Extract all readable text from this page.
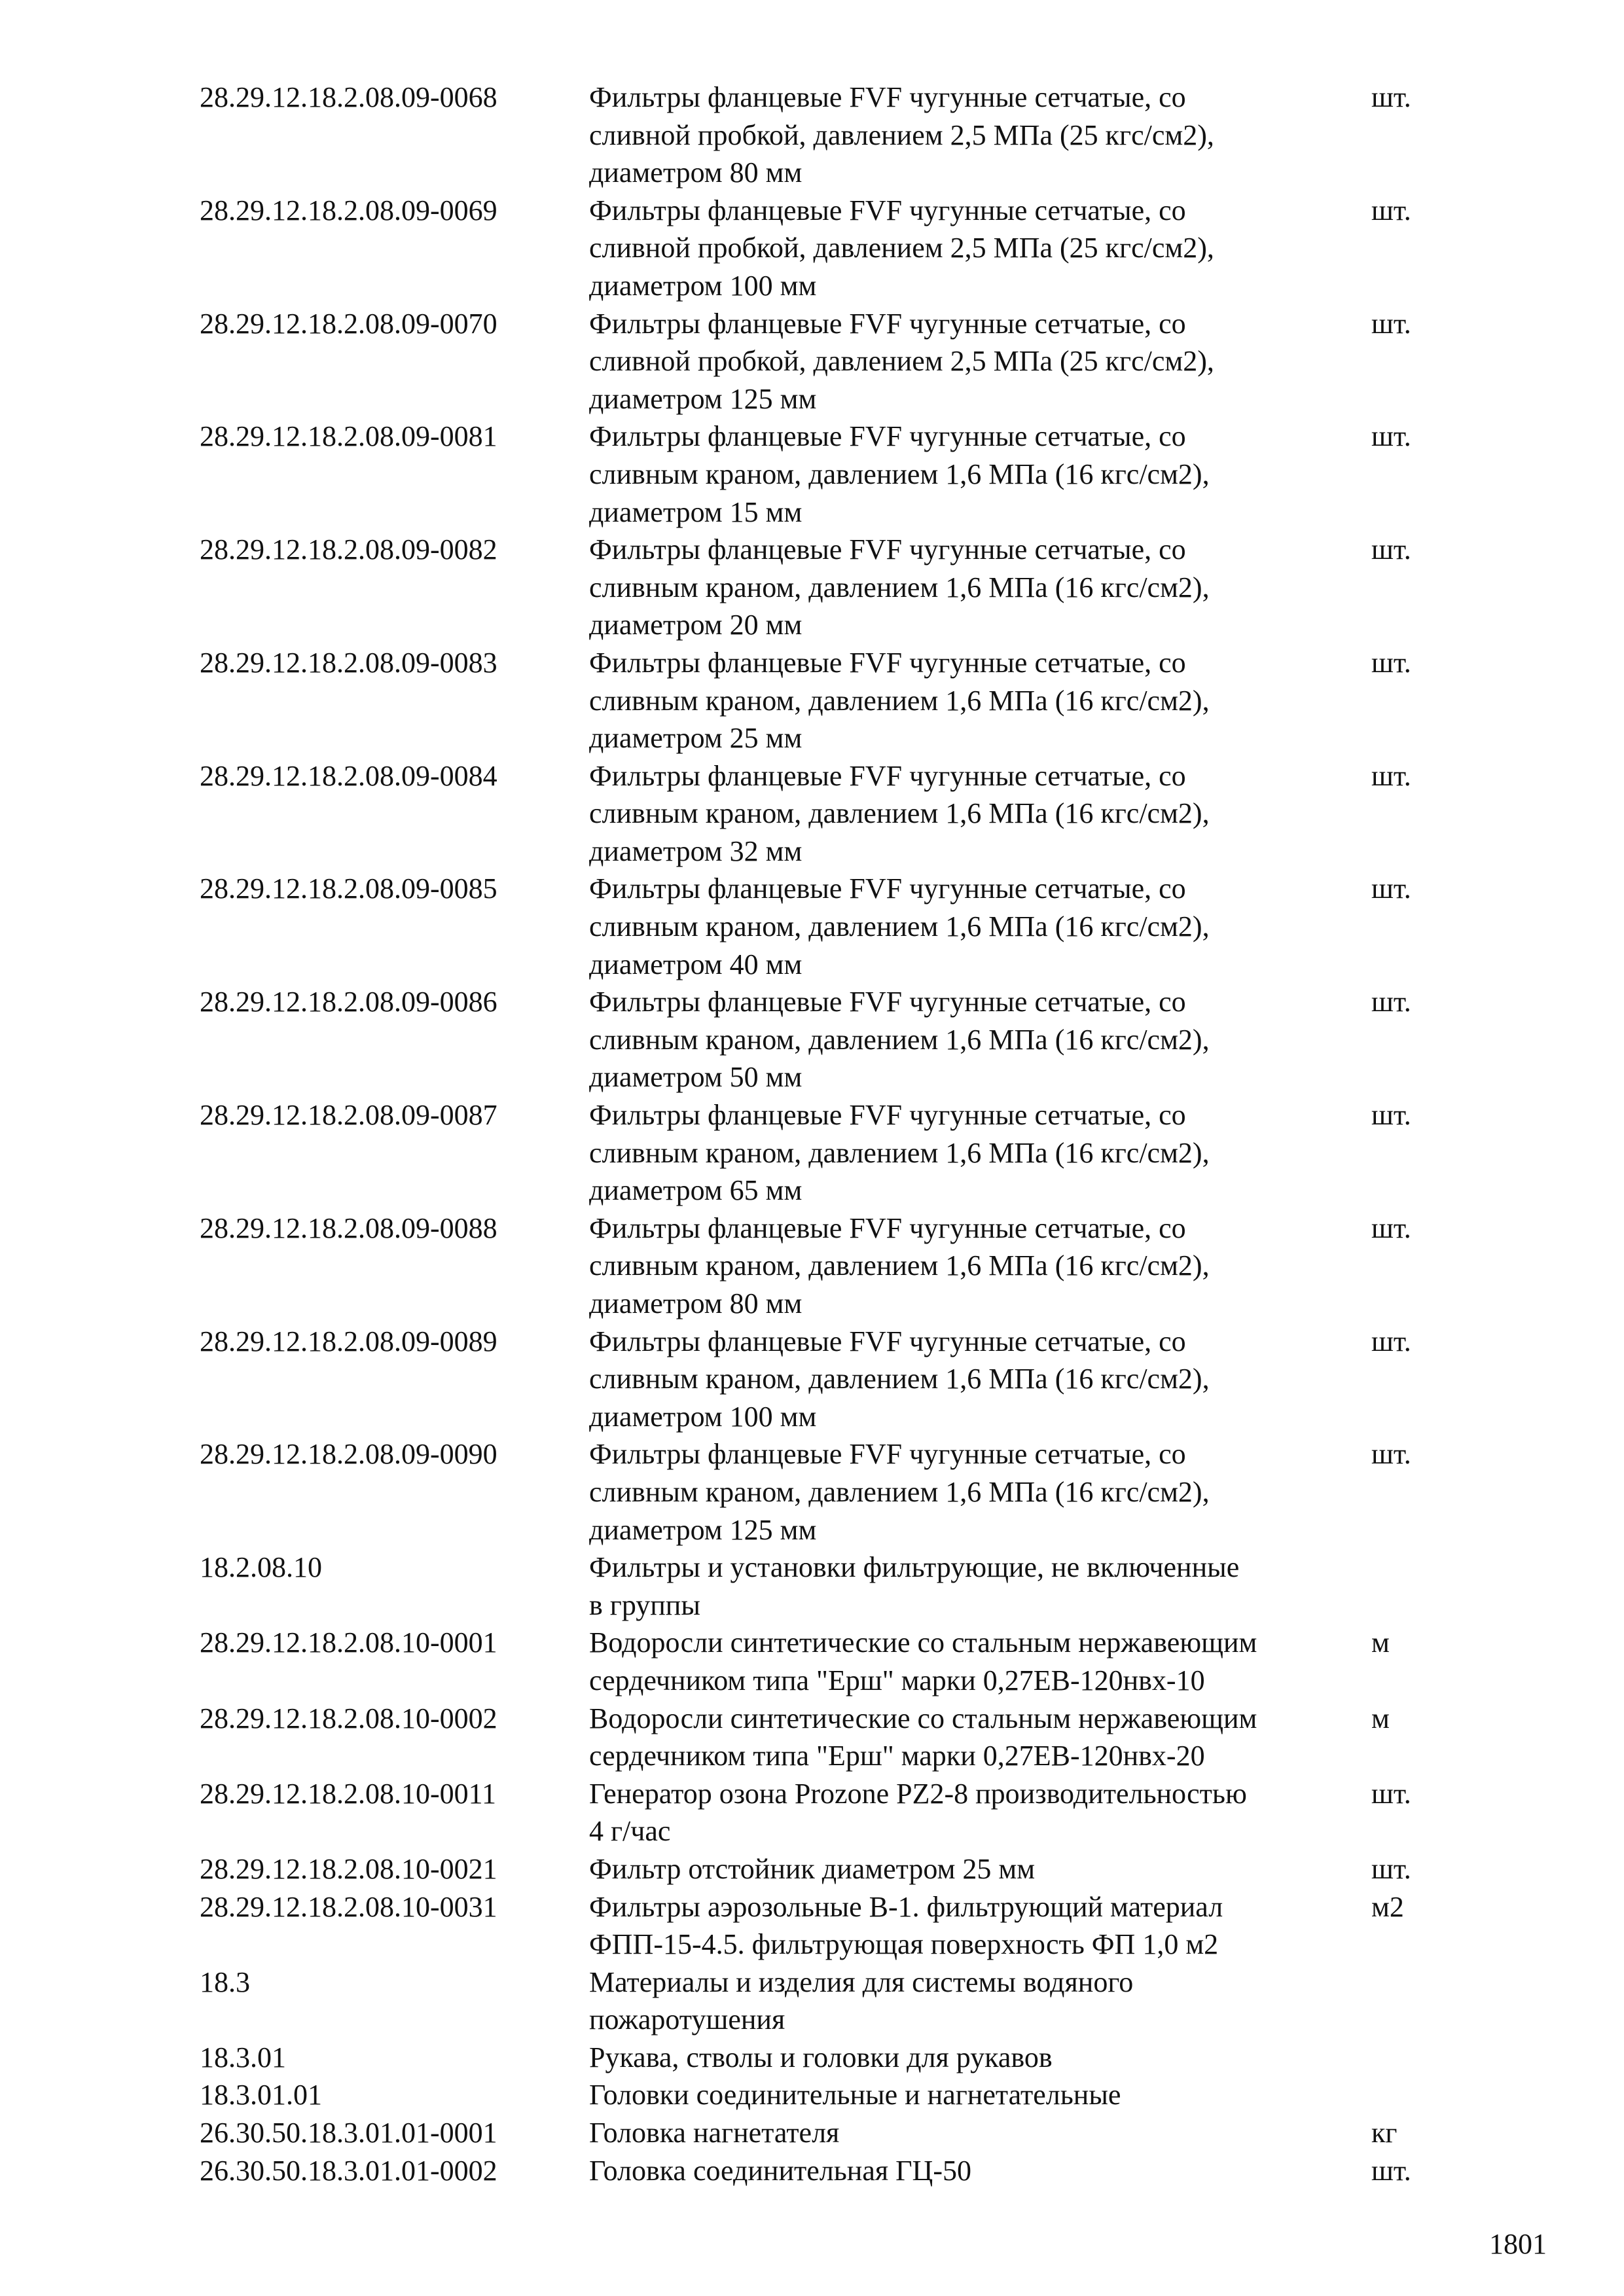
28.29.12.18.2.08.09-0068	Фильтры фланцевые FVF чугунные сетчатые, со
сливной пробкой, давлением 2,5 МПа (25 кгс/см2),
диаметром 80 мм
шт.
28.29.12.18.2.08.09-0069	Фильтры фланцевые FVF чугунные сетчатые, со
сливной пробкой, давлением 2,5 МПа (25 кгс/см2),
диаметром 100 мм
шт.
28.29.12.18.2.08.09-0070	Фильтры фланцевые FVF чугунные сетчатые, со
сливной пробкой, давлением 2,5 МПа (25 кгс/см2),
диаметром 125 мм
шт.
28.29.12.18.2.08.09-0081	Фильтры фланцевые FVF чугунные сетчатые, со
сливным краном, давлением 1,6 МПа (16 кгс/см2),
диаметром 15 мм
шт.
28.29.12.18.2.08.09-0082	Фильтры фланцевые FVF чугунные сетчатые, со
сливным краном, давлением 1,6 МПа (16 кгс/см2),
диаметром 20 мм
шт.
28.29.12.18.2.08.09-0083	Фильтры фланцевые FVF чугунные сетчатые, со
сливным краном, давлением 1,6 МПа (16 кгс/см2),
диаметром 25 мм
шт.
28.29.12.18.2.08.09-0084	Фильтры фланцевые FVF чугунные сетчатые, со
сливным краном, давлением 1,6 МПа (16 кгс/см2),
диаметром 32 мм
шт.
28.29.12.18.2.08.09-0085	Фильтры фланцевые FVF чугунные сетчатые, со
сливным краном, давлением 1,6 МПа (16 кгс/см2),
диаметром 40 мм
шт.
28.29.12.18.2.08.09-0086	Фильтры фланцевые FVF чугунные сетчатые, со
сливным краном, давлением 1,6 МПа (16 кгс/см2),
диаметром 50 мм
шт.
28.29.12.18.2.08.09-0087	Фильтры фланцевые FVF чугунные сетчатые, со
сливным краном, давлением 1,6 МПа (16 кгс/см2),
диаметром 65 мм
шт.
28.29.12.18.2.08.09-0088	Фильтры фланцевые FVF чугунные сетчатые, со
сливным краном, давлением 1,6 МПа (16 кгс/см2),
диаметром 80 мм
шт.
28.29.12.18.2.08.09-0089	Фильтры фланцевые FVF чугунные сетчатые, со
сливным краном, давлением 1,6 МПа (16 кгс/см2),
диаметром 100 мм
шт.
28.29.12.18.2.08.09-0090	Фильтры фланцевые FVF чугунные сетчатые, со
сливным краном, давлением 1,6 МПа (16 кгс/см2),
диаметром 125 мм
шт.
18.2.08.10	Фильтры и установки фильтрующие, не включенные
в группы
28.29.12.18.2.08.10-0001	Водоросли синтетические со стальным нержавеющим
сердечником типа "Ерш" марки 0,27ЕВ-120нвх-10
м
28.29.12.18.2.08.10-0002	Водоросли синтетические со стальным нержавеющим
сердечником типа "Ерш" марки 0,27ЕВ-120нвх-20
м
28.29.12.18.2.08.10-0011	Генератор озона Prozone PZ2-8 производительностью
4 г/час
шт.
28.29.12.18.2.08.10-0021	Фильтр отстойник диаметром 25 мм	шт.
28.29.12.18.2.08.10-0031	Фильтры аэрозольные В-1. фильтрующий материал
ФПП-15-4.5. фильтрующая поверхность ФП 1,0 м2
м2
18.3	Материалы и изделия для системы водяного
пожаротушения
18.3.01	Рукава, стволы и головки для рукавов
18.3.01.01	Головки соединительные и нагнетательные
26.30.50.18.3.01.01-0001	Головка нагнетателя	кг
26.30.50.18.3.01.01-0002	Головка соединительная ГЦ-50	шт.
1801
